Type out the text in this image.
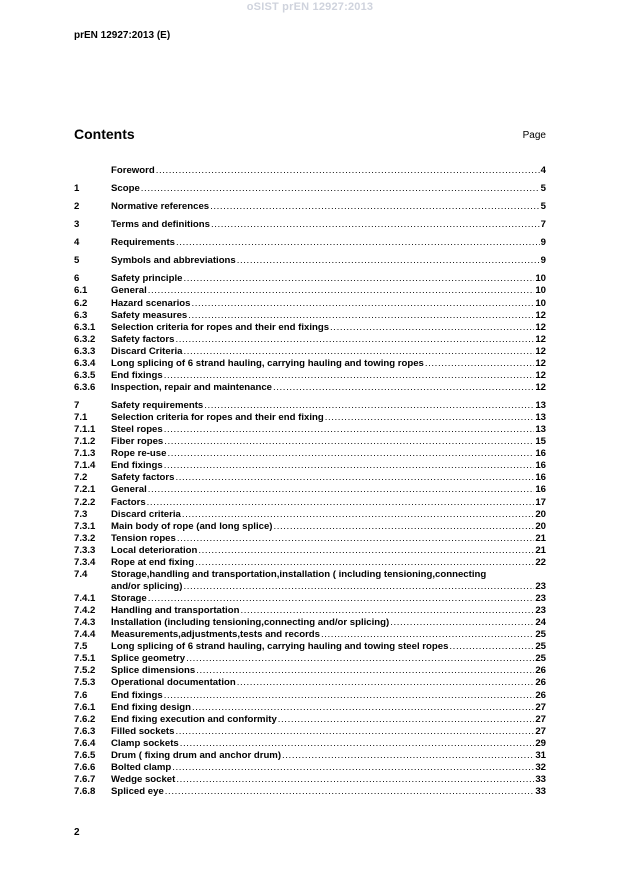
oSIST prEN 12927:2013
prEN 12927:2013 (E)
Contents	Page
Foreword .....	4
1	Scope .....	5
2	Normative references .....	5
3	Terms and definitions .....	7
4	Requirements .....	9
5	Symbols and abbreviations .....	9
6	Safety principle .....	10
6.1	General .....	10
6.2	Hazard scenarios .....	10
6.3	Safety measures .....	12
6.3.1	Selection criteria for ropes and their end fixings .....	12
6.3.2	Safety factors .....	12
6.3.3	Discard Criteria .....	12
6.3.4	Long splicing of 6 strand hauling, carrying hauling and towing ropes .....	12
6.3.5	End fixings .....	12
6.3.6	Inspection, repair and maintenance .....	12
7	Safety requirements .....	13
7.1	Selection criteria for ropes and their end fixing .....	13
7.1.1	Steel ropes .....	13
7.1.2	Fiber ropes .....	15
7.1.3	Rope re-use .....	16
7.1.4	End fixings .....	16
7.2	Safety factors .....	16
7.2.1	General .....	16
7.2.2	Factors .....	17
7.3	Discard criteria .....	20
7.3.1	Main body of rope (and long splice) .....	20
7.3.2	Tension ropes .....	21
7.3.3	Local deterioration .....	21
7.3.4	Rope at end fixing .....	22
7.4	Storage,handling and transportation,installation ( including tensioning,connecting
and/or splicing) .....	23
7.4.1	Storage .....	23
7.4.2	Handling and transportation .....	23
7.4.3	Installation (including tensioning,connecting and/or splicing) .....	24
7.4.4	Measurements,adjustments,tests and records .....	25
7.5	Long splicing of 6 strand hauling, carrying hauling and towing steel ropes .....	25
7.5.1	Splice geometry .....	25
7.5.2	Splice dimensions .....	26
7.5.3	Operational documentation .....	26
7.6	End fixings .....	26
7.6.1	End fixing design .....	27
7.6.2	End fixing execution and conformity .....	27
7.6.3	Filled sockets .....	27
7.6.4	Clamp sockets .....	29
7.6.5	Drum ( fixing drum and anchor drum) .....	31
7.6.6	Bolted clamp .....	32
7.6.7	Wedge socket .....	33
7.6.8	Spliced eye .....	33
2
